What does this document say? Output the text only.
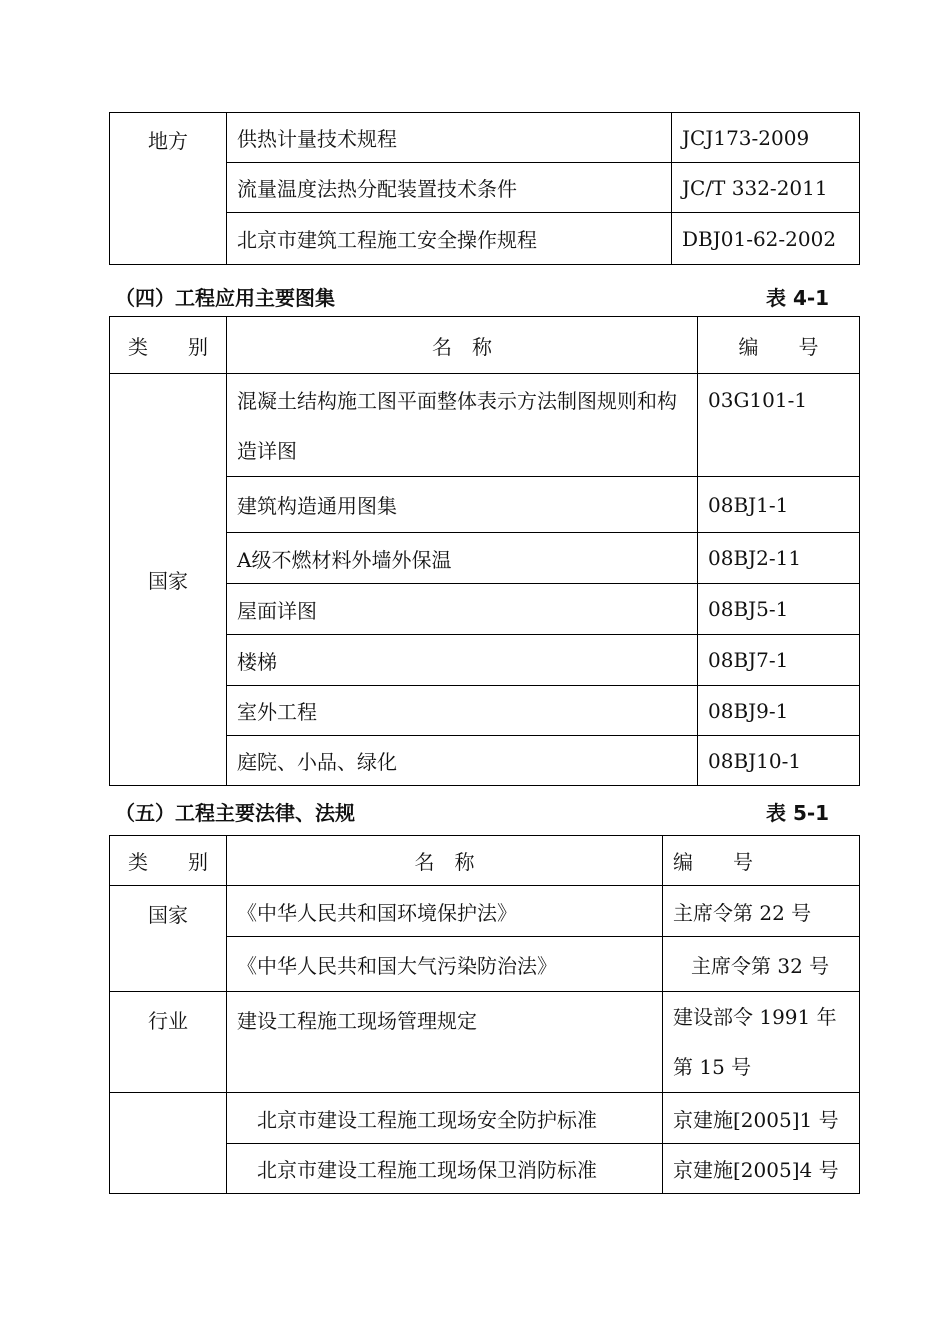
地方	供热计量技术规程	JCJ173-2009
	流量温度法热分配装置技术条件	JC/T 332-2011
	北京市建筑工程施工安全操作规程	DBJ01-62-2002
（四）工程应用主要图集	表 4-1
类　　别	名　称	编　　号
国家	混凝土结构施工图平面整体表示方法制图规则和构造详图	03G101-1
	建筑构造通用图集	08BJ1-1
	A级不燃材料外墙外保温	08BJ2-11
	屋面详图	08BJ5-1
	楼梯	08BJ7-1
	室外工程	08BJ9-1
	庭院、小品、绿化	08BJ10-1
（五）工程主要法律、法规	表 5-1
类　　别	名　称	编　　号
国家	《中华人民共和国环境保护法》	主席令第 22 号
	《中华人民共和国大气污染防治法》	主席令第 32 号
行业	建设工程施工现场管理规定	建设部令 1991 年第 15 号
	北京市建设工程施工现场安全防护标准	京建施[2005]1 号
	北京市建设工程施工现场保卫消防标准	京建施[2005]4 号
